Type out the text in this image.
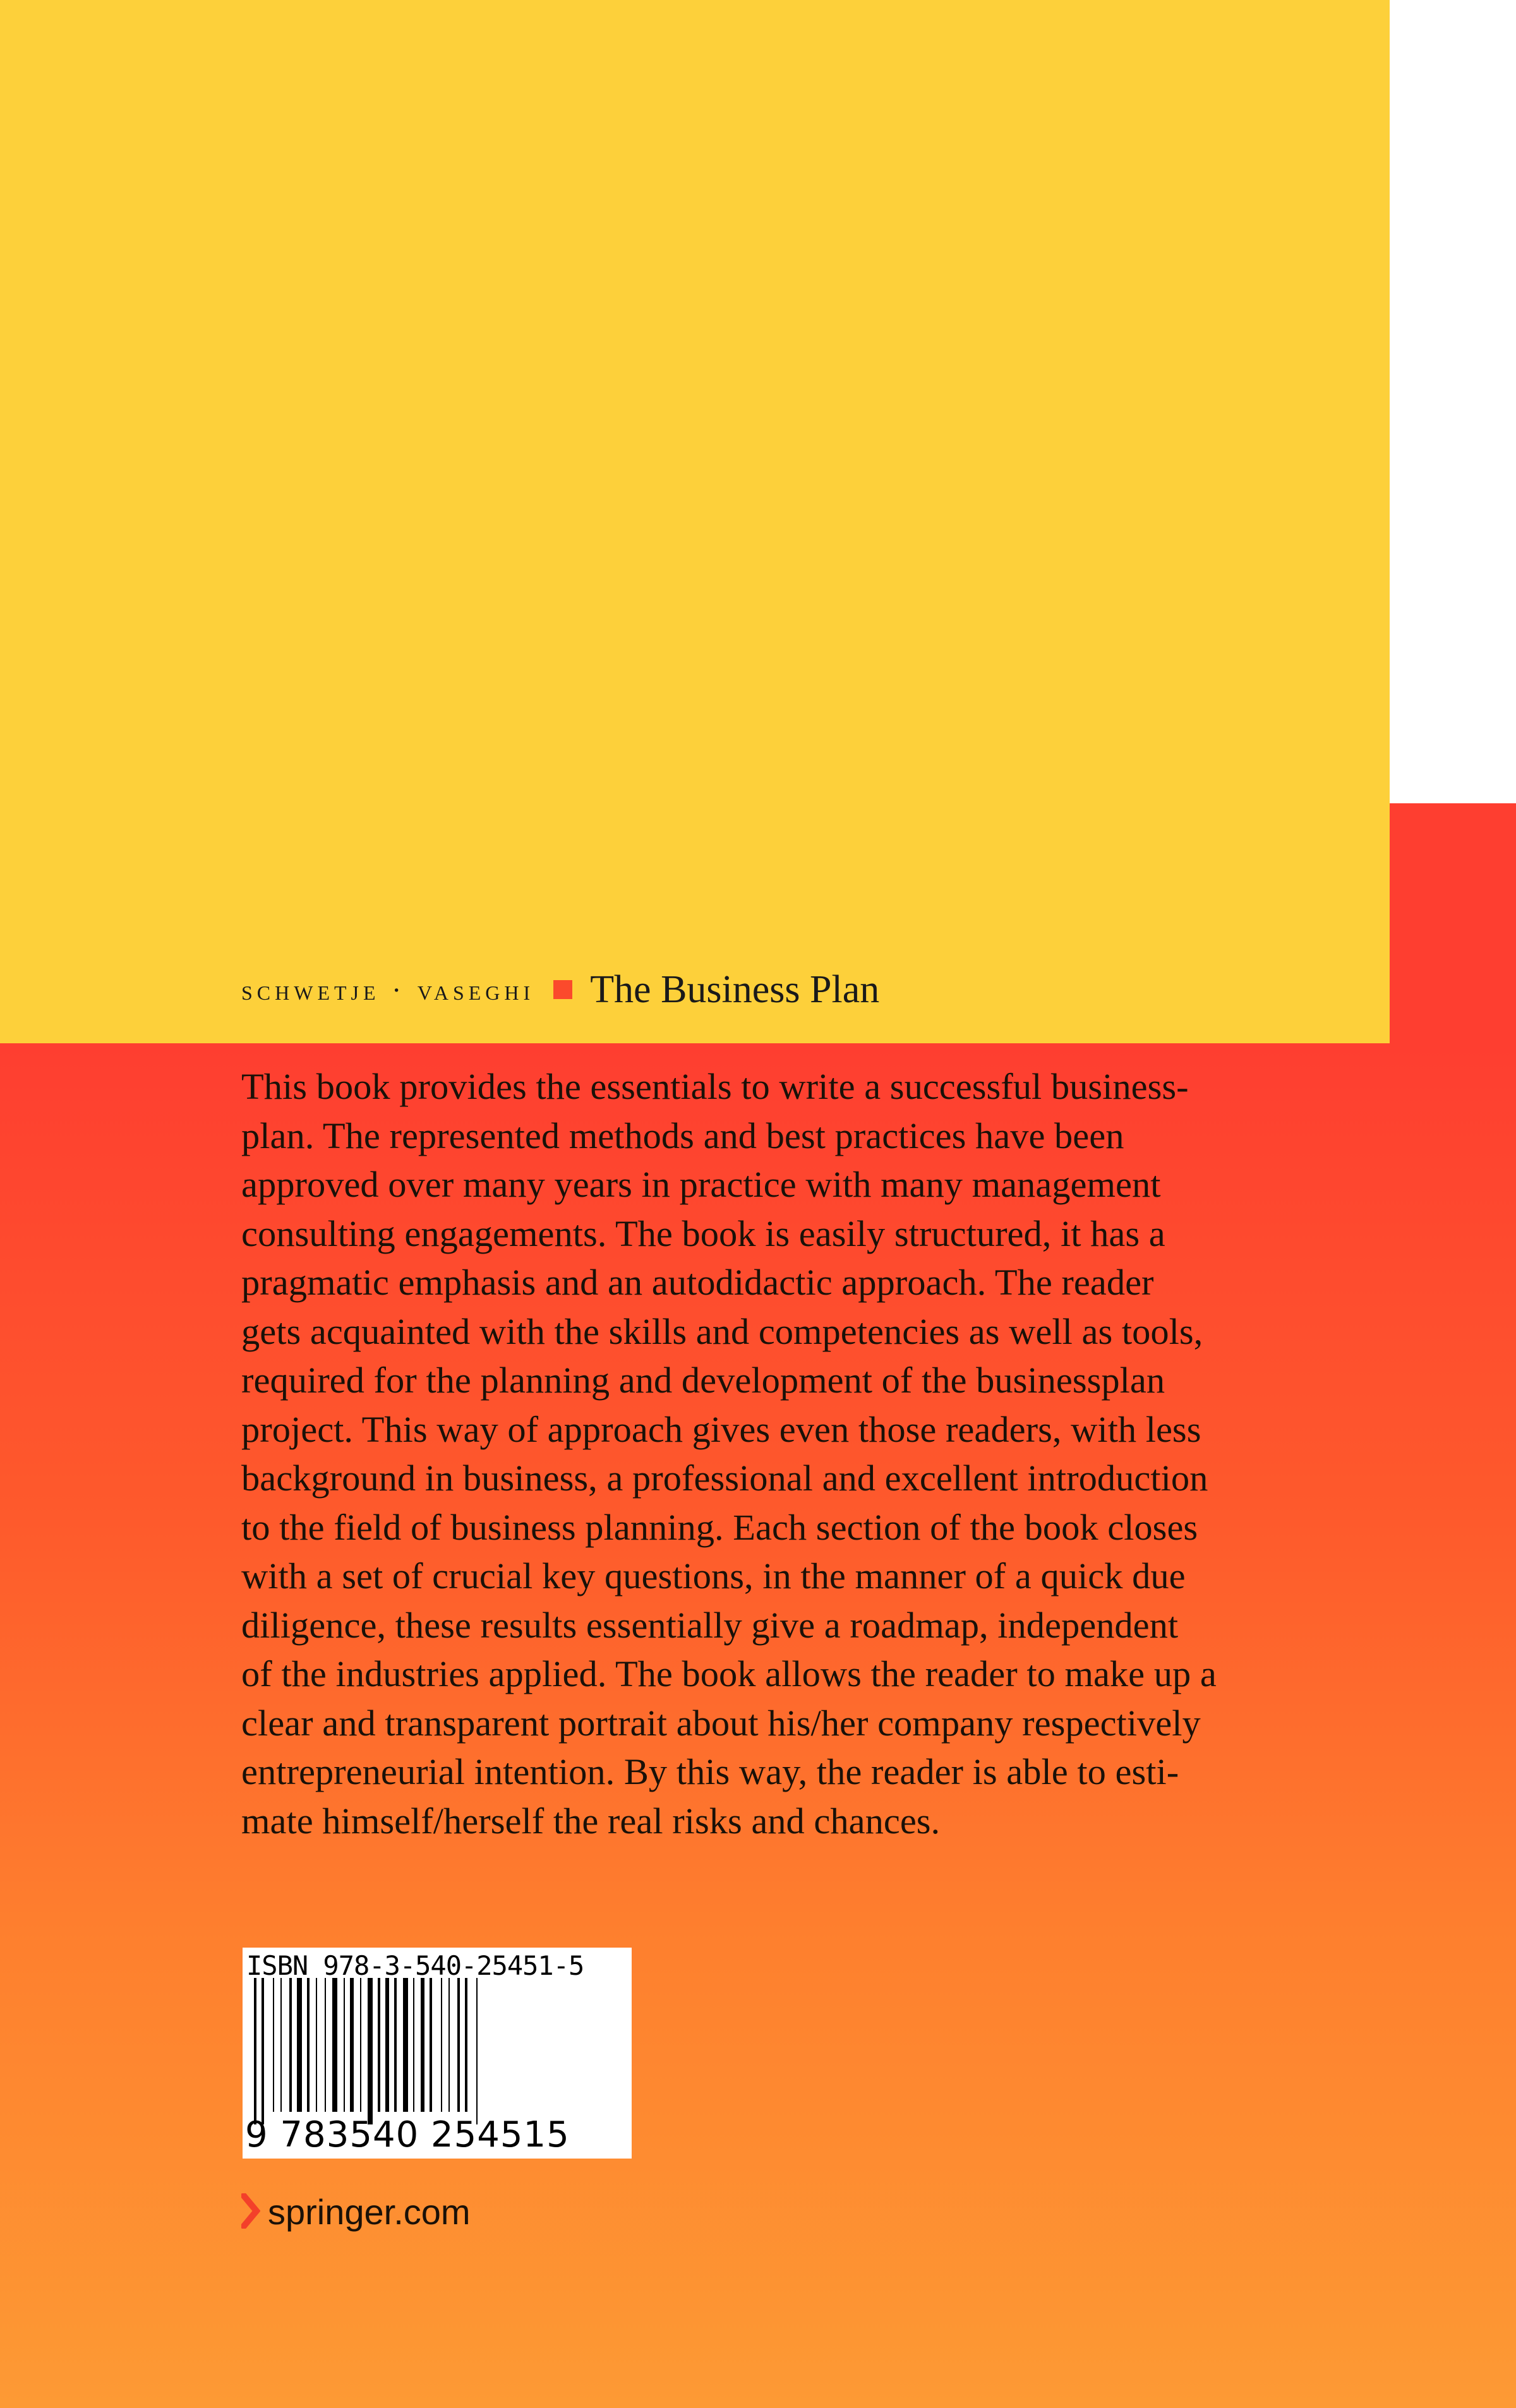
schwetje · vaseghi The Business Plan

This book provides the essentials to write a successful business-
plan. The represented methods and best practices have been
approved over many years in practice with many management
consulting engagements. The book is easily structured, it has a
pragmatic emphasis and an autodidactic approach. The reader
gets acquainted with the skills and competencies as well as tools,
required for the planning and development of the businessplan
project. This way of approach gives even those readers, with less
background in business, a professional and excellent introduction
to the field of business planning. Each section of the book closes
with a set of crucial key questions, in the manner of a quick due
diligence, these results essentially give a roadmap, independent
of the industries applied. The book allows the reader to make up a
clear and transparent portrait about his/her company respectively
entrepreneurial intention. By this way, the reader is able to esti-
mate himself/herself the real risks and chances.

ISBN 978-3-540-25451-5
9 783540 254515
springer.com
